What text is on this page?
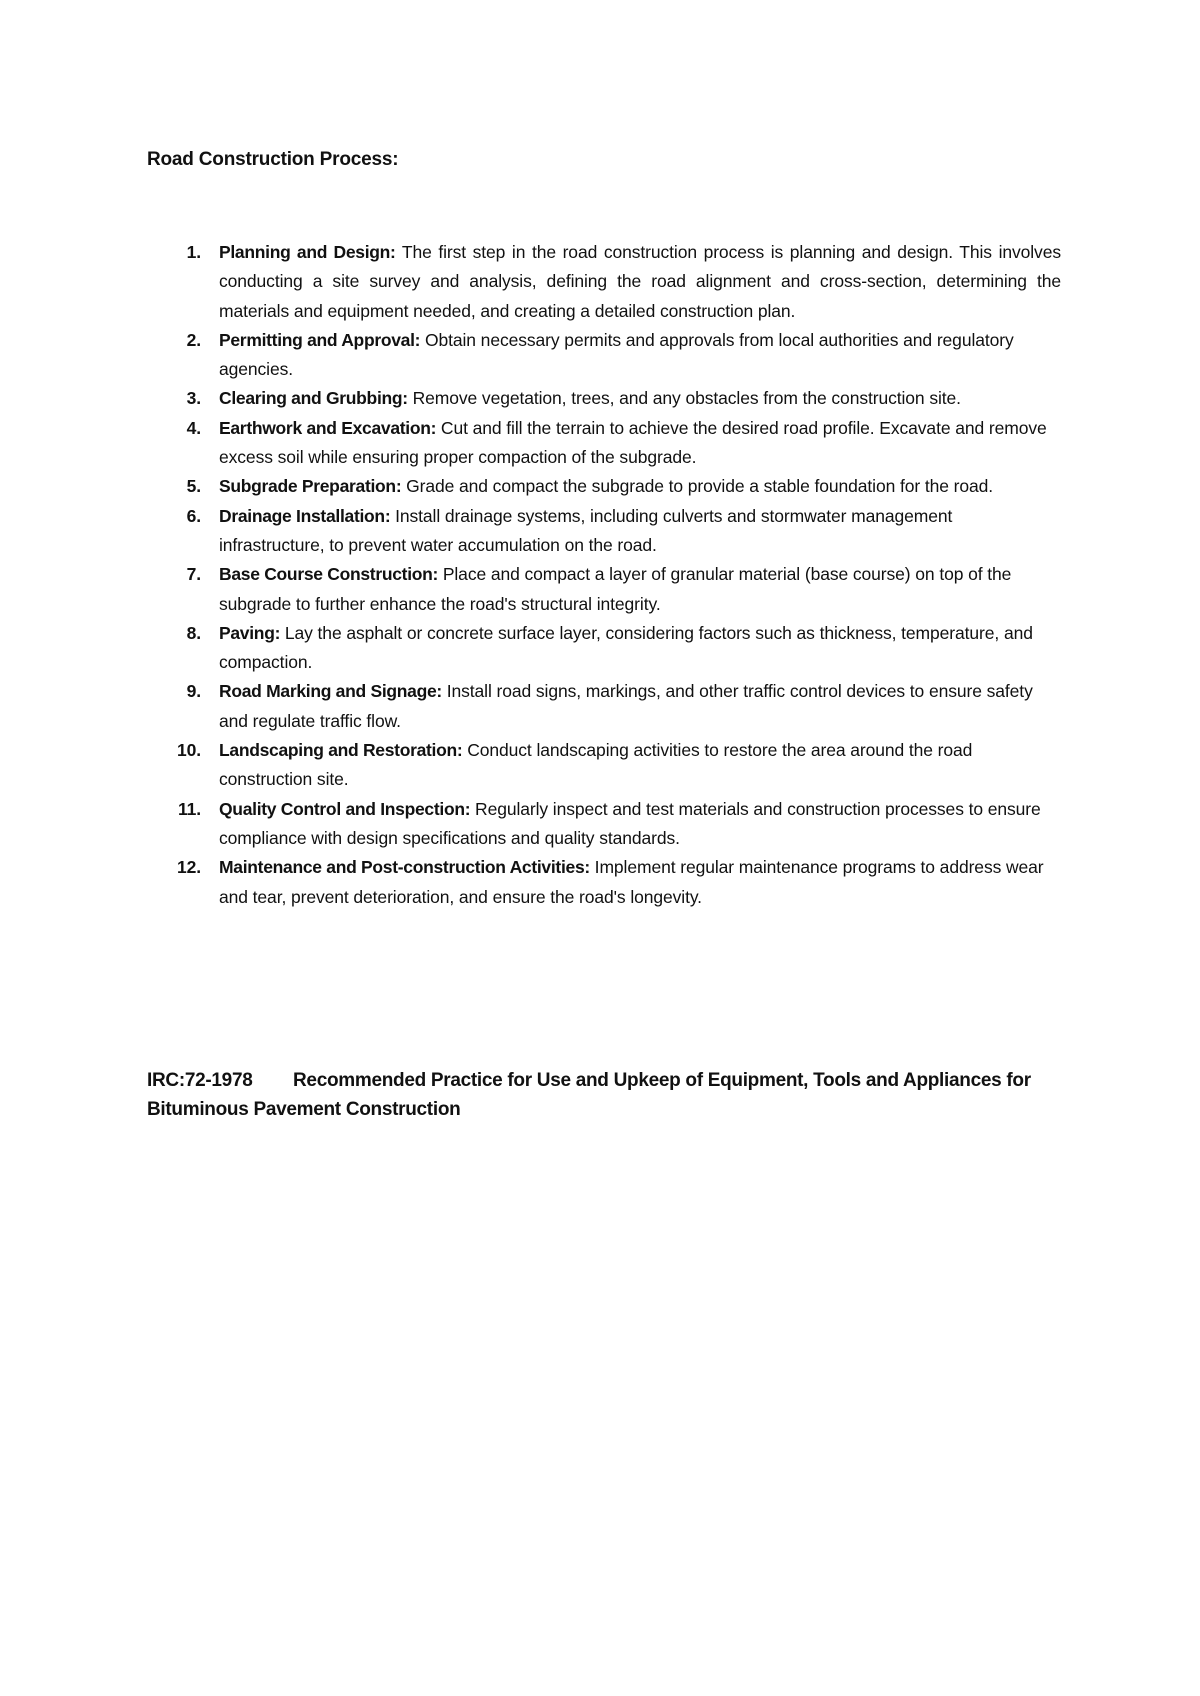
Road Construction Process:
1. Planning and Design: The first step in the road construction process is planning and design. This involves conducting a site survey and analysis, defining the road alignment and cross-section, determining the materials and equipment needed, and creating a detailed construction plan.
2. Permitting and Approval: Obtain necessary permits and approvals from local authorities and regulatory agencies.
3. Clearing and Grubbing: Remove vegetation, trees, and any obstacles from the construction site.
4. Earthwork and Excavation: Cut and fill the terrain to achieve the desired road profile. Excavate and remove excess soil while ensuring proper compaction of the subgrade.
5. Subgrade Preparation: Grade and compact the subgrade to provide a stable foundation for the road.
6. Drainage Installation: Install drainage systems, including culverts and stormwater management infrastructure, to prevent water accumulation on the road.
7. Base Course Construction: Place and compact a layer of granular material (base course) on top of the subgrade to further enhance the road's structural integrity.
8. Paving: Lay the asphalt or concrete surface layer, considering factors such as thickness, temperature, and compaction.
9. Road Marking and Signage: Install road signs, markings, and other traffic control devices to ensure safety and regulate traffic flow.
10. Landscaping and Restoration: Conduct landscaping activities to restore the area around the road construction site.
11. Quality Control and Inspection: Regularly inspect and test materials and construction processes to ensure compliance with design specifications and quality standards.
12. Maintenance and Post-construction Activities: Implement regular maintenance programs to address wear and tear, prevent deterioration, and ensure the road's longevity.
IRC:72-1978 Recommended Practice for Use and Upkeep of Equipment, Tools and Appliances for Bituminous Pavement Construction
